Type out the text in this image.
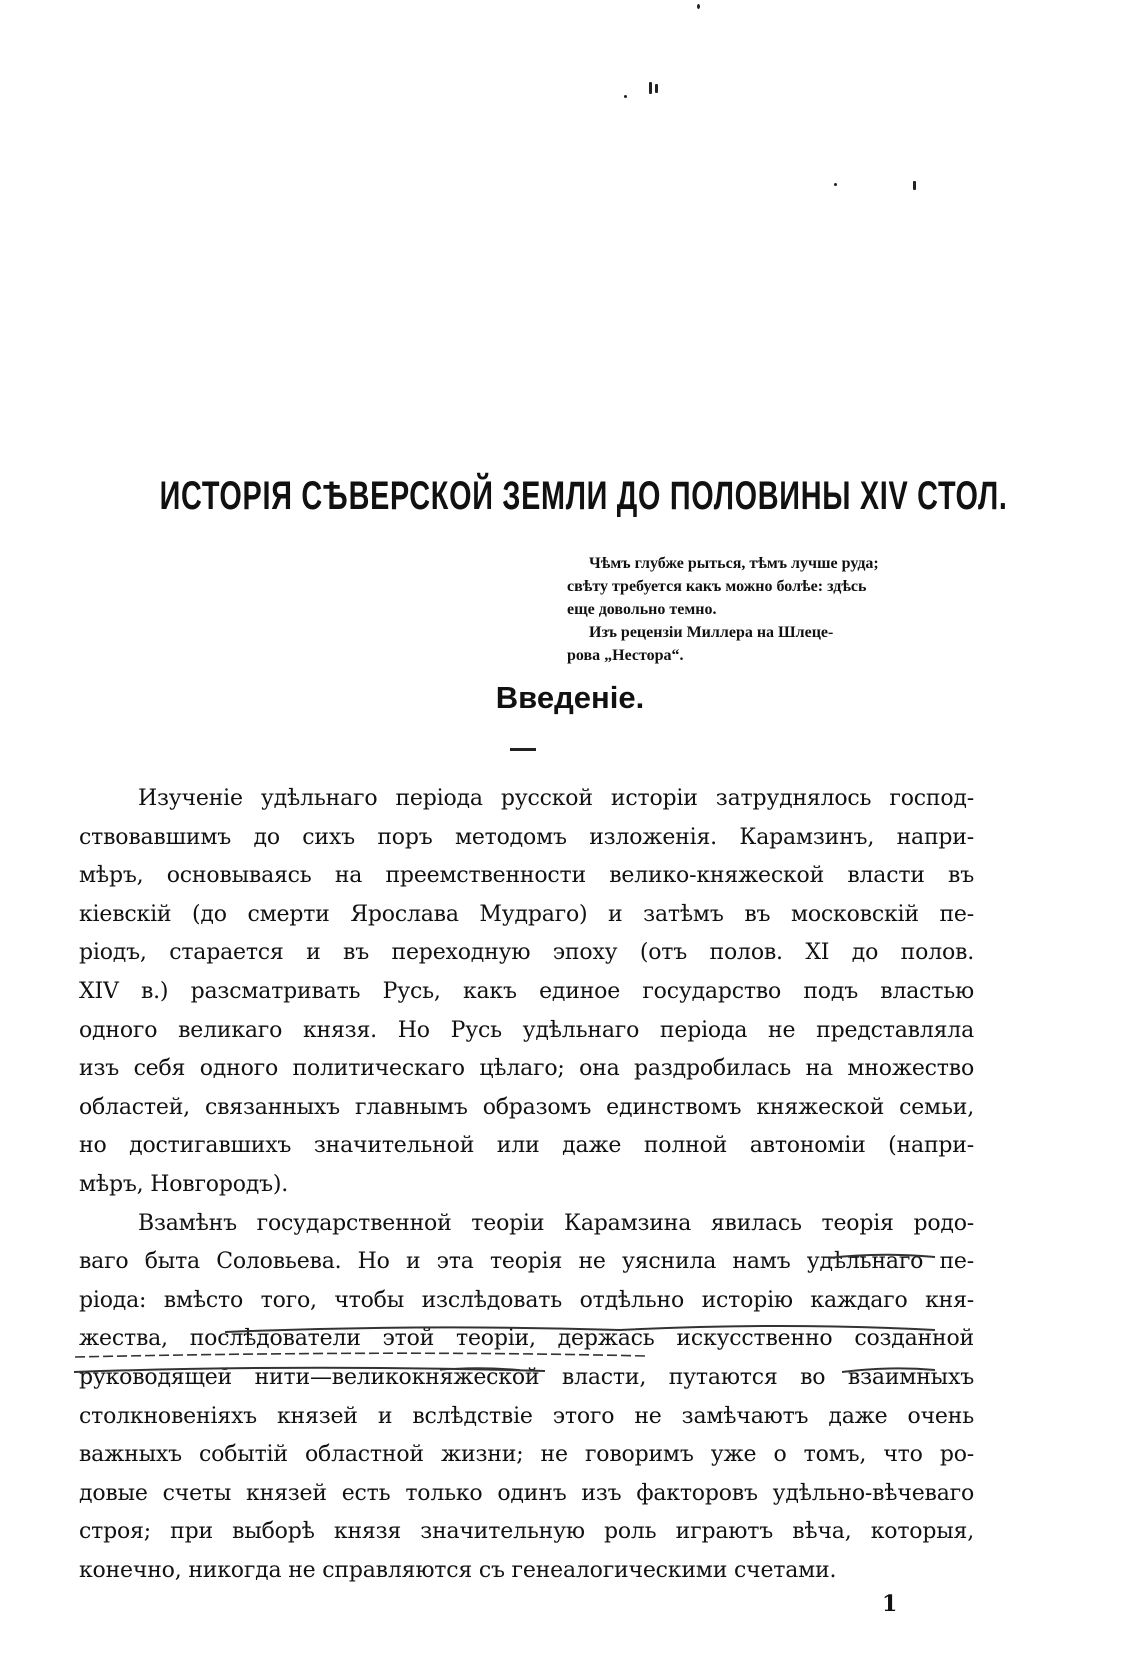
ИСТОРІЯ СѢВЕРСКОЙ ЗЕМЛИ ДО ПОЛОВИНЫ XIV СТОЛ.

Чѣмъ глубже рыться, тѣмъ лучше руда;

свѣту требуется какъ можно болѣе: здѣсь

еще довольно темно.

Изъ рецензіи Миллера на Шлеце-

рова „Нестора“.

Введеніе.
Изученіе удѣльнаго періода русской исторіи затруднялось господ-
ствовавшимъ до сихъ поръ методомъ изложенія. Карамзинъ, напри-
мѣръ, основываясь на преемственности велико-княжеской власти въ
кіевскій (до смерти Ярослава Мудраго) и затѣмъ въ московскій пе-
ріодъ, старается и въ переходную эпоху (отъ полов. XI до полов.
XIV в.) разсматривать Русь, какъ единое государство подъ властью
одного великаго князя. Но Русь удѣльнаго періода не представляла
изъ себя одного политическаго цѣлаго; она раздробилась на множество
областей, связанныхъ главнымъ образомъ единствомъ княжеской семьи,
но достигавшихъ значительной или даже полной автономіи (напри-
мѣръ, Новгородъ).
Взамѣнъ государственной теоріи Карамзина явилась теорія родо-
ваго быта Соловьева. Но и эта теорія не уяснила намъ удѣльнаго пе-
ріода: вмѣсто того, чтобы изслѣдовать отдѣльно исторію каждаго кня-
жества, послѣдователи этой теоріи, держась искусственно созданной
руководящей нити—великокняжеской власти, путаются во взаимныхъ
столкновеніяхъ князей и вслѣдствіе этого не замѣчаютъ даже очень
важныхъ событій областной жизни; не говоримъ уже о томъ, что ро-
довые счеты князей есть только одинъ изъ факторовъ удѣльно-вѣчеваго
строя; при выборѣ князя значительную роль играютъ вѣча, которыя,
конечно, никогда не справляются съ генеалогическими счетами.
1
